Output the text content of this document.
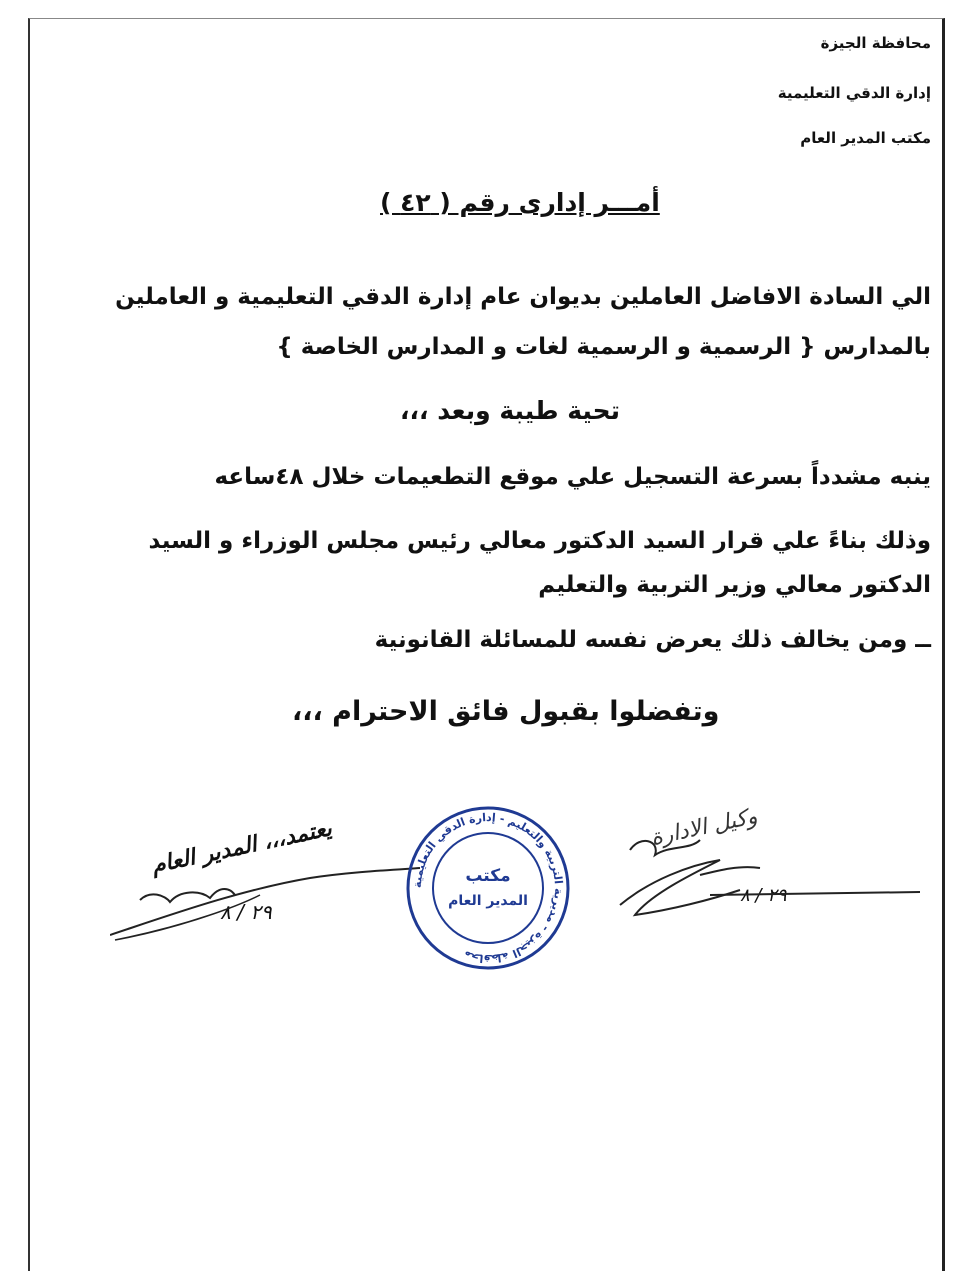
محافظة الجيزة
إدارة الدقي التعليمية
مكتب المدير العام
أمـــر إدارى رقم ( ٤٢ )
الي السادة الافاضل العاملين بديوان عام إدارة الدقي التعليمية و العاملين
بالمدارس { الرسمية و الرسمية لغات و المدارس الخاصة }
تحية طيبة وبعد ،،،
ينبه مشدداً بسرعة التسجيل علي موقع التطعيمات خلال ٤٨ساعه
وذلك بناءً علي قرار السيد الدكتور معالي رئيس مجلس الوزراء و السيد
الدكتور معالي وزير التربية والتعليم
ــ ومن يخالف ذلك يعرض نفسه للمسائلة القانونية
وتفضلوا بقبول فائق الاحترام ،،،
يعتمد،،، المدير العام
٢٩ / ٨
محافظة الجيزة - مديرية التربية والتعليم - إدارة الدقي التعليمية
مكتب
المدير العام
وكيل الادارة
٢٩ / ٨
